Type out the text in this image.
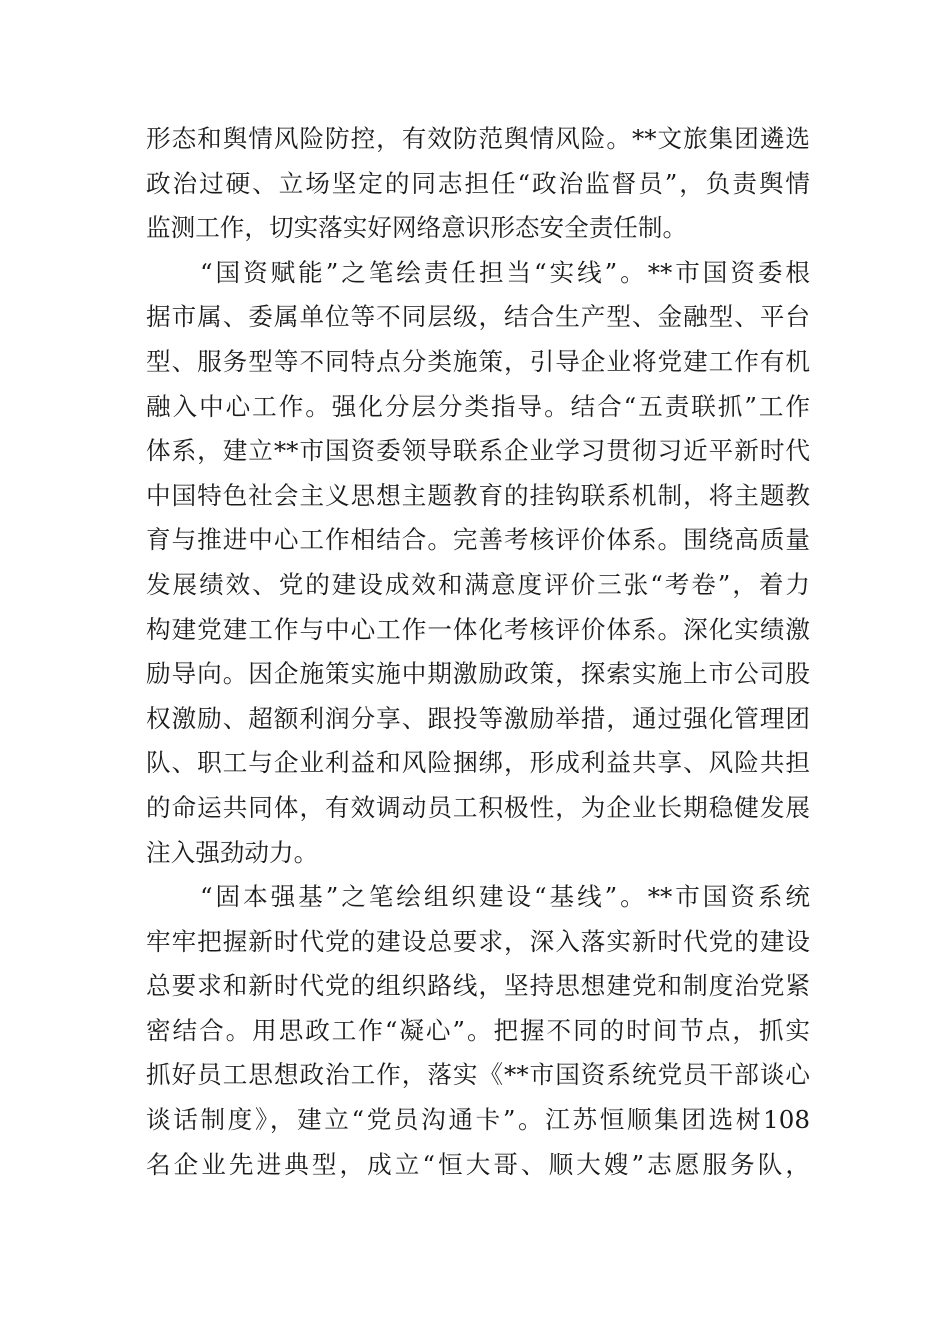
形态和舆情风险防控，有效防范舆情风险。**文旅集团遴选
政治过硬、立场坚定的同志担任“政治监督员”，负责舆情
监测工作，切实落实好网络意识形态安全责任制。
“国资赋能”之笔绘责任担当“实线”。**市国资委根
据市属、委属单位等不同层级，结合生产型、金融型、平台
型、服务型等不同特点分类施策，引导企业将党建工作有机
融入中心工作。强化分层分类指导。结合“五责联抓”工作
体系，建立**市国资委领导联系企业学习贯彻习近平新时代
中国特色社会主义思想主题教育的挂钩联系机制，将主题教
育与推进中心工作相结合。完善考核评价体系。围绕高质量
发展绩效、党的建设成效和满意度评价三张“考卷”，着力
构建党建工作与中心工作一体化考核评价体系。深化实绩激
励导向。因企施策实施中期激励政策，探索实施上市公司股
权激励、超额利润分享、跟投等激励举措，通过强化管理团
队、职工与企业利益和风险捆绑，形成利益共享、风险共担
的命运共同体，有效调动员工积极性，为企业长期稳健发展
注入强劲动力。
“固本强基”之笔绘组织建设“基线”。**市国资系统
牢牢把握新时代党的建设总要求，深入落实新时代党的建设
总要求和新时代党的组织路线，坚持思想建党和制度治党紧
密结合。用思政工作“凝心”。把握不同的时间节点，抓实
抓好员工思想政治工作，落实《**市国资系统党员干部谈心
谈话制度》，建立“党员沟通卡”。江苏恒顺集团选树108
名企业先进典型，成立“恒大哥、顺大嫂”志愿服务队，
